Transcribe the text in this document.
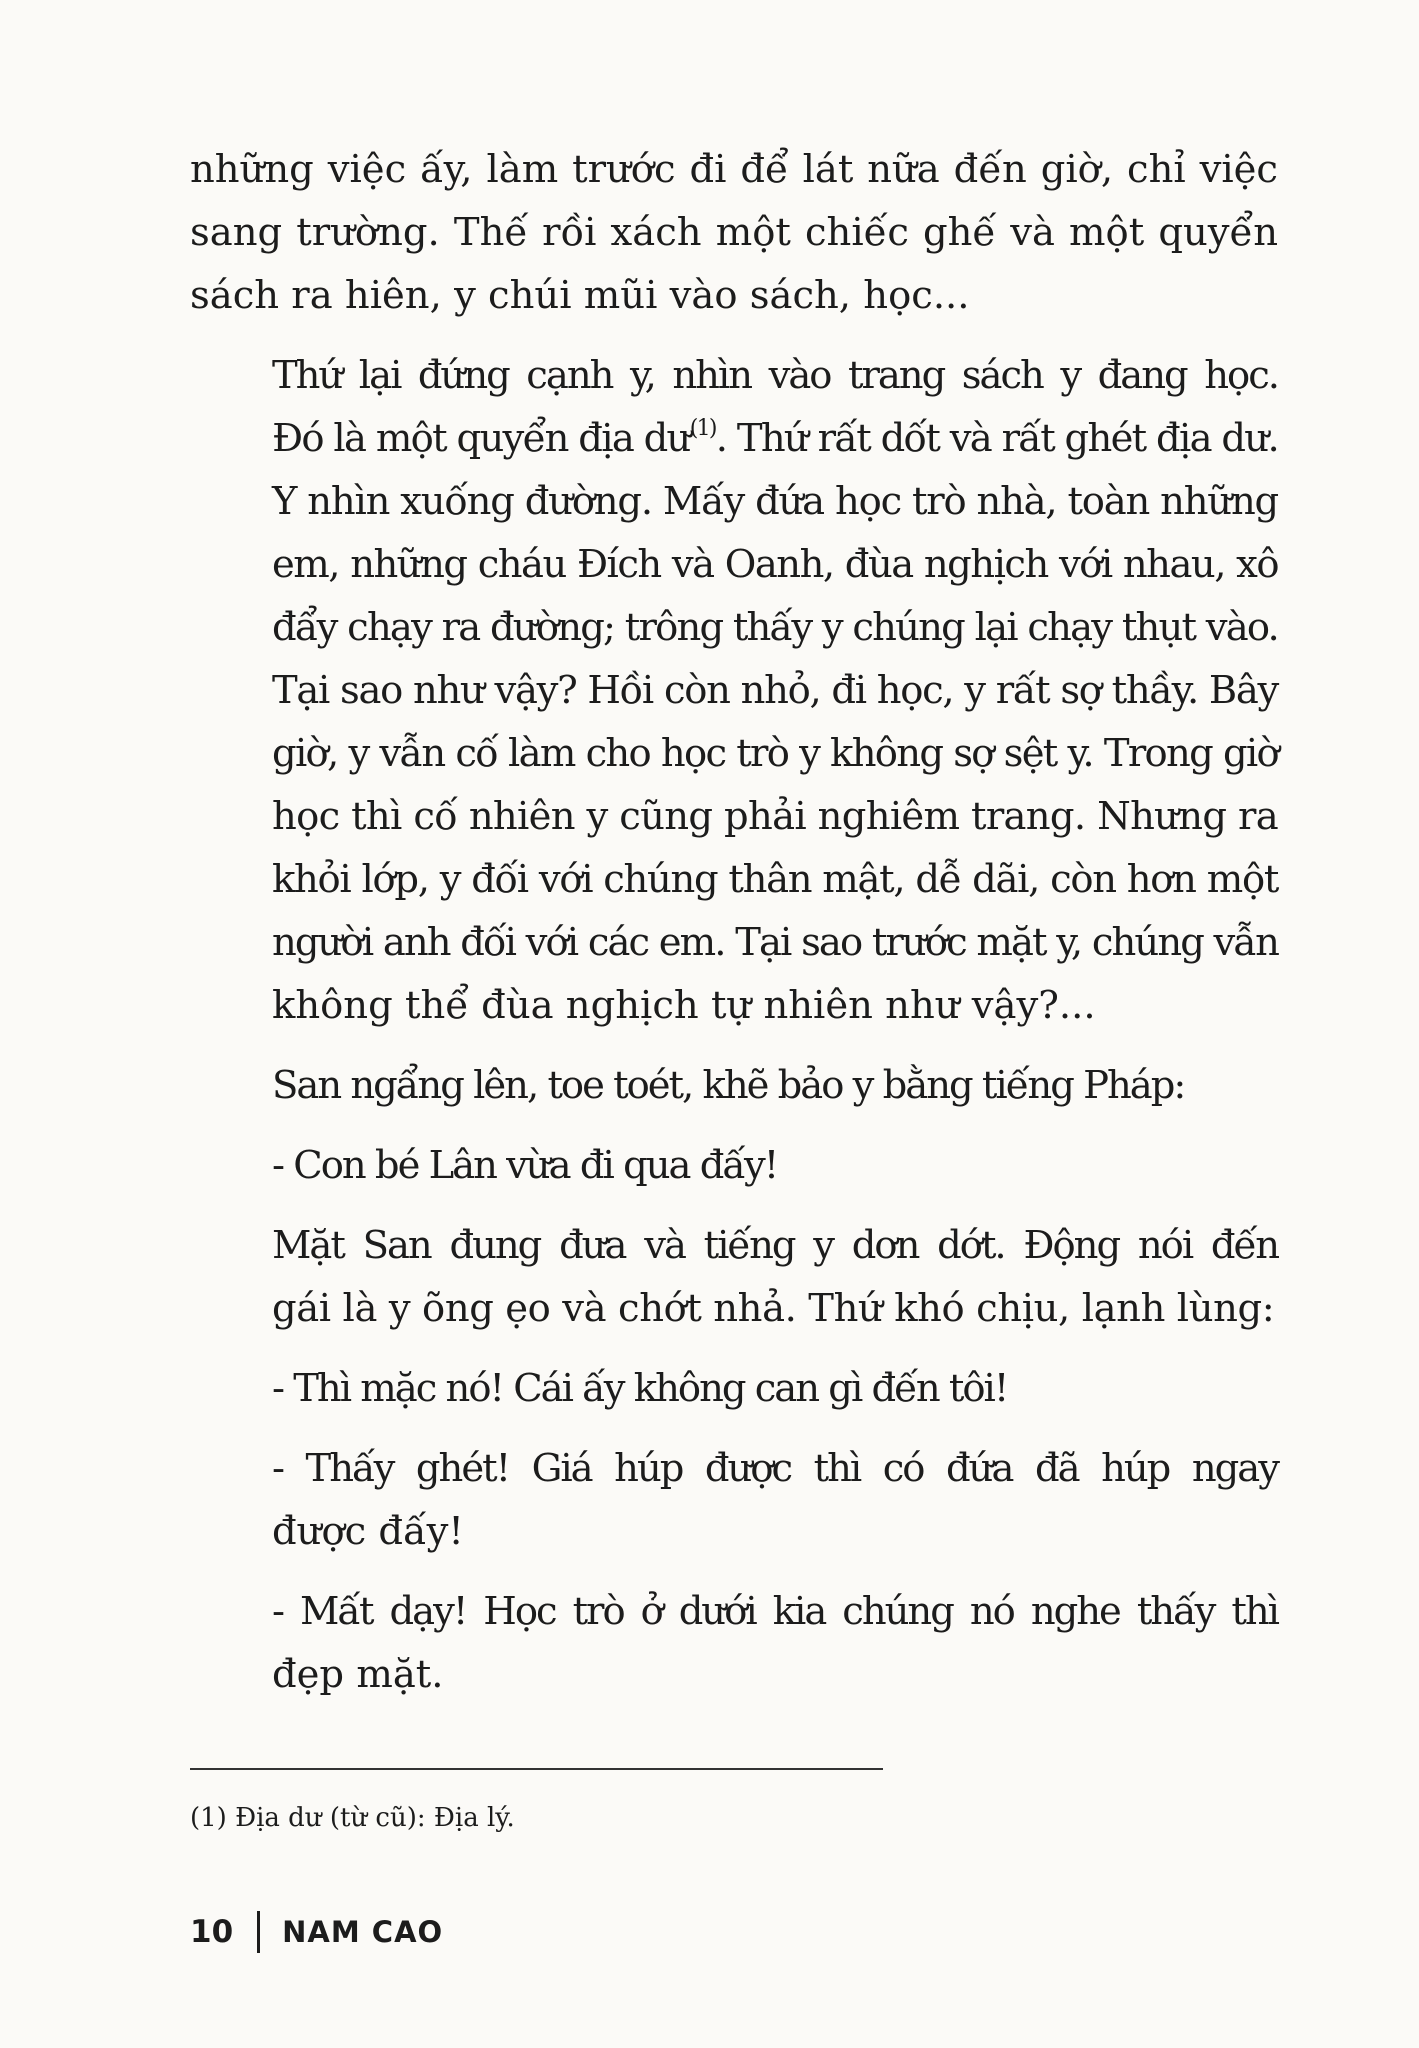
những việc ấy, làm trước đi để lát nữa đến giờ, chỉ việc
sang trường. Thế rồi xách một chiếc ghế và một quyển
sách ra hiên, y chúi mũi vào sách, học...

Thứ lại đứng cạnh y, nhìn vào trang sách y đang học.
Đó là một quyển địa dư$^{(1)}$. Thứ rất dốt và rất ghét địa dư.
Y nhìn xuống đường. Mấy đứa học trò nhà, toàn những
em, những cháu Đích và Oanh, đùa nghịch với nhau, xô
đẩy chạy ra đường; trông thấy y chúng lại chạy thụt vào.
Tại sao như vậy? Hồi còn nhỏ, đi học, y rất sợ thầy. Bây
giờ, y vẫn cố làm cho học trò y không sợ sệt y. Trong giờ
học thì cố nhiên y cũng phải nghiêm trang. Nhưng ra
khỏi lớp, y đối với chúng thân mật, dễ dãi, còn hơn một
người anh đối với các em. Tại sao trước mặt y, chúng vẫn
không thể đùa nghịch tự nhiên như vậy?...

San ngẩng lên, toe toét, khẽ bảo y bằng tiếng Pháp:

- Con bé Lân vừa đi qua đấy!

Mặt San đung đưa và tiếng y dơn dớt. Động nói đến
gái là y õng ẹo và chớt nhả. Thứ khó chịu, lạnh lùng:

- Thì mặc nó! Cái ấy không can gì đến tôi!

- Thấy ghét! Giá húp được thì có đứa đã húp ngay
được đấy!

- Mất dạy! Học trò ở dưới kia chúng nó nghe thấy thì
đẹp mặt.

(1) Địa dư (từ cũ): Địa lý.
10 NAM CAO
